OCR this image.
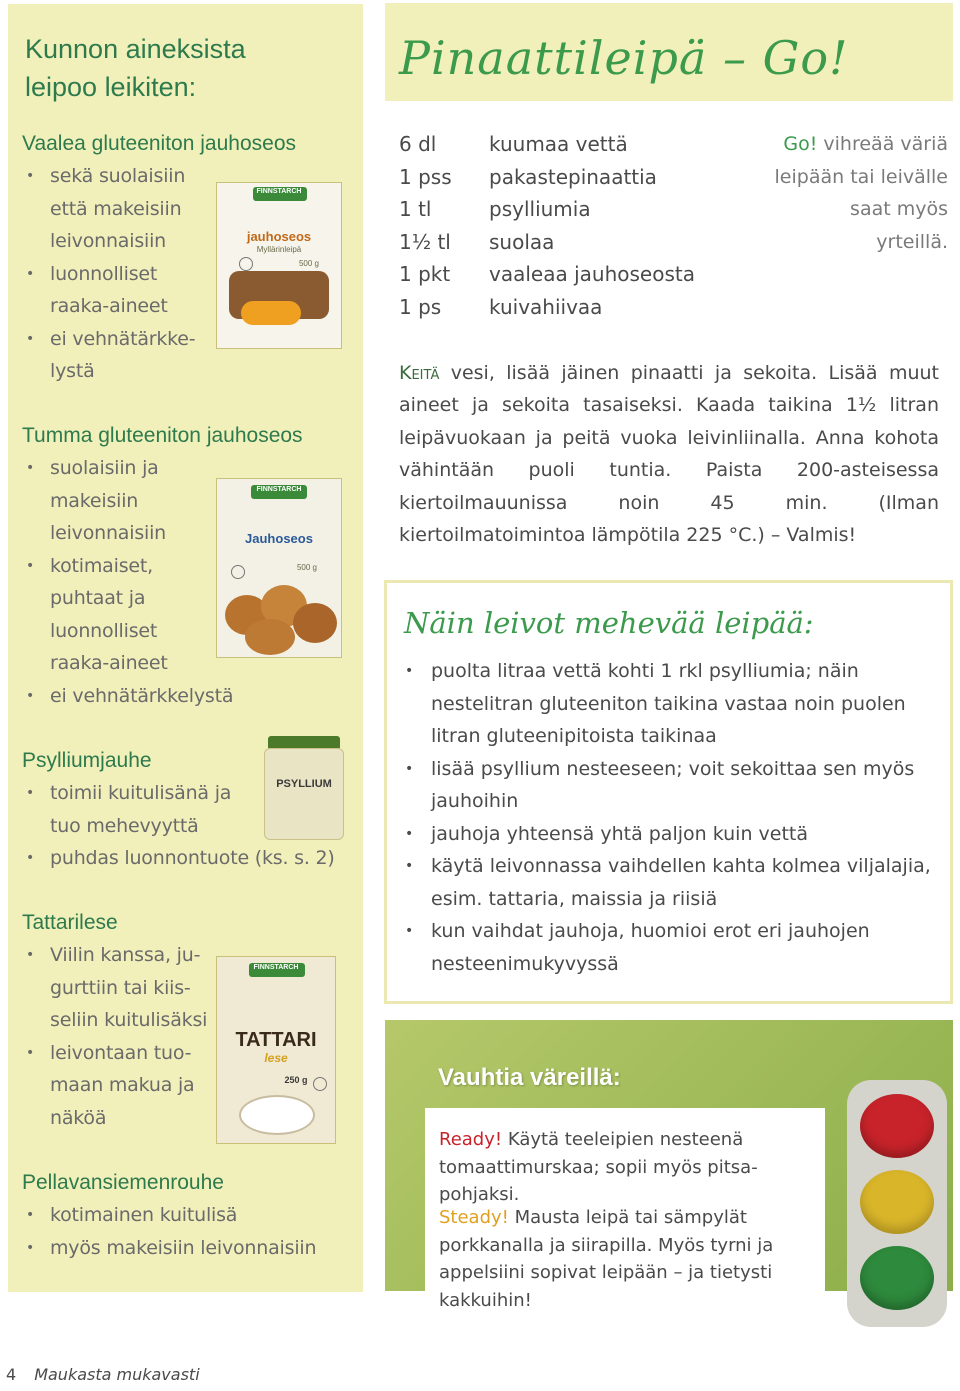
Kunnon aineksista
leipoo leikiten:
Vaalea gluteeniton jauhoseos
• sekä suolaisiin
että makeisiin
leivonnaisiin
• luonnolliset
raaka-aineet
• ei vehnätärkke-
lystä
Tumma gluteeniton jauhoseos
• suolaisiin ja
makeisiin
leivonnaisiin
• kotimaiset,
puhtaat ja
luonnolliset
raaka-aineet
• ei vehnätärkkelystä
Psylliumjauhe
• toimii kuitulisänä ja
tuo mehevyyttä
• puhdas luonnontuote (ks. s. 2)
Tattarilese
• Viilin kanssa, ju-
gurttiin tai kiis-
seliin kuitulisäksi
• leivontaan tuo-
maan makua ja
näköä
Pellavansiemenrouhe
• kotimainen kuitulisä
• myös makeisiin leivonnaisiin
FINNSTARCH
jauhoseos
Myllärinleipä
500 g
FINNSTARCH
Jauhoseos
500 g
PSYLLIUM
FINNSTARCH
TATTARI
lese
250 g
Pinaattileipä – Go!
6 dl	kuumaa vettä
1 pss	pakastepinaattia
1 tl	psylliumia
1½ tl	suolaa
1 pkt	vaaleaa jauhoseosta
1 ps	kuivahiivaa
Go! vihreää väriä
leipään tai leivälle
saat myös
yrteillä.

Keitä vesi, lisää jäinen pinaatti ja sekoita. Lisää muut aineet ja sekoita tasaiseksi. Kaada taikina 1½ litran leipävuokaan ja peitä vuoka leivinliinalla. Anna kohota vähintään puoli tuntia. Paista 200-asteisessa kiertoilmauunissa noin 45 min. (Ilman kiertoilmatoimintoa lämpötila 225 °C.) – Valmis!

Näin leivot mehevää leipää:
• puolta litraa vettä kohti 1 rkl psylliumia; näin nestelitran gluteeniton taikina vastaa noin puolen litran gluteenipitoista taikinaa
• lisää psyllium nesteeseen; voit sekoittaa sen myös jauhoihin
• jauhoja yhteensä yhtä paljon kuin vettä
• käytä leivonnassa vaihdellen kahta kolmea viljalajia, esim. tattaria, maissia ja riisiä
• kun vaihdat jauhoja, huomioi erot eri jauhojen nesteenimukyvyssä
Vauhtia väreillä:

Ready! Käytä teeleipien nesteenä tomaattimurskaa; sopii myös pitsa-pohjaksi.

Steady! Mausta leipä tai sämpylät porkkanalla ja siirapilla. Myös tyrni ja appelsiini sopivat leipään – ja tietysti kakkuihin!

4 Maukasta mukavasti
